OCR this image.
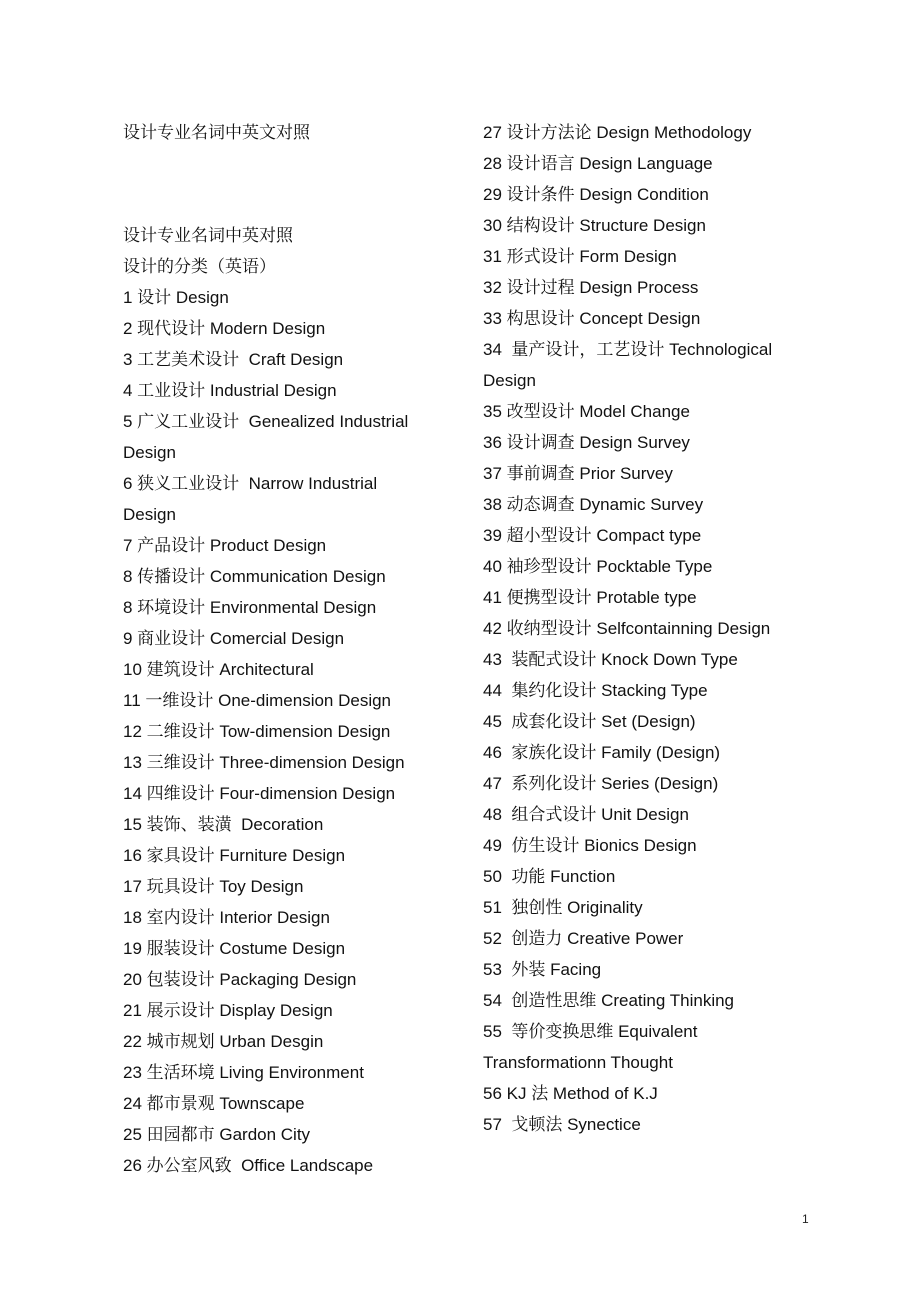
设计专业名词中英文对照

设计专业名词中英对照

设计的分类（英语）

1 设计 Design

2 现代设计 Modern Design

3 工艺美术设计  Craft Design

4 工业设计 Industrial Design

5 广义工业设计  Genealized Industrial Design

6 狭义工业设计  Narrow Industrial Design

7 产品设计 Product Design

8 传播设计 Communication Design

8 环境设计 Environmental Design

9 商业设计 Comercial Design

10 建筑设计 Architectural

11 一维设计 One-dimension Design

12 二维设计 Tow-dimension Design

13 三维设计 Three-dimension Design

14 四维设计 Four-dimension Design

15 装饰、装潢  Decoration

16 家具设计 Furniture Design

17 玩具设计 Toy Design

18 室内设计 Interior Design

19 服装设计 Costume Design

20 包装设计 Packaging Design

21 展示设计 Display Design

22 城市规划 Urban Desgin

23 生活环境 Living Environment

24 都市景观 Townscape

25 田园都市 Gardon City

26 办公室风致  Office Landscape

27 设计方法论 Design Methodology

28 设计语言 Design Language

29 设计条件 Design Condition

30 结构设计 Structure Design

31 形式设计 Form Design

32 设计过程 Design Process

33 构思设计 Concept Design

34  量产设计，工艺设计 Technological Design

35 改型设计 Model Change

36 设计调查 Design Survey

37 事前调查 Prior Survey

38 动态调查 Dynamic Survey

39 超小型设计 Compact type

40 袖珍型设计 Pocktable Type

41 便携型设计 Protable type

42 收纳型设计 Selfcontainning Design

43  装配式设计 Knock Down Type

44  集约化设计 Stacking Type

45  成套化设计 Set (Design)

46  家族化设计 Family (Design)

47  系列化设计 Series (Design)

48  组合式设计 Unit Design

49  仿生设计 Bionics Design

50  功能 Function

51  独创性 Originality

52  创造力 Creative Power

53  外装 Facing

54  创造性思维 Creating Thinking

55  等价变换思维 Equivalent Transformationn Thought

56 KJ 法 Method of K.J

57  戈顿法 Synectice

1
